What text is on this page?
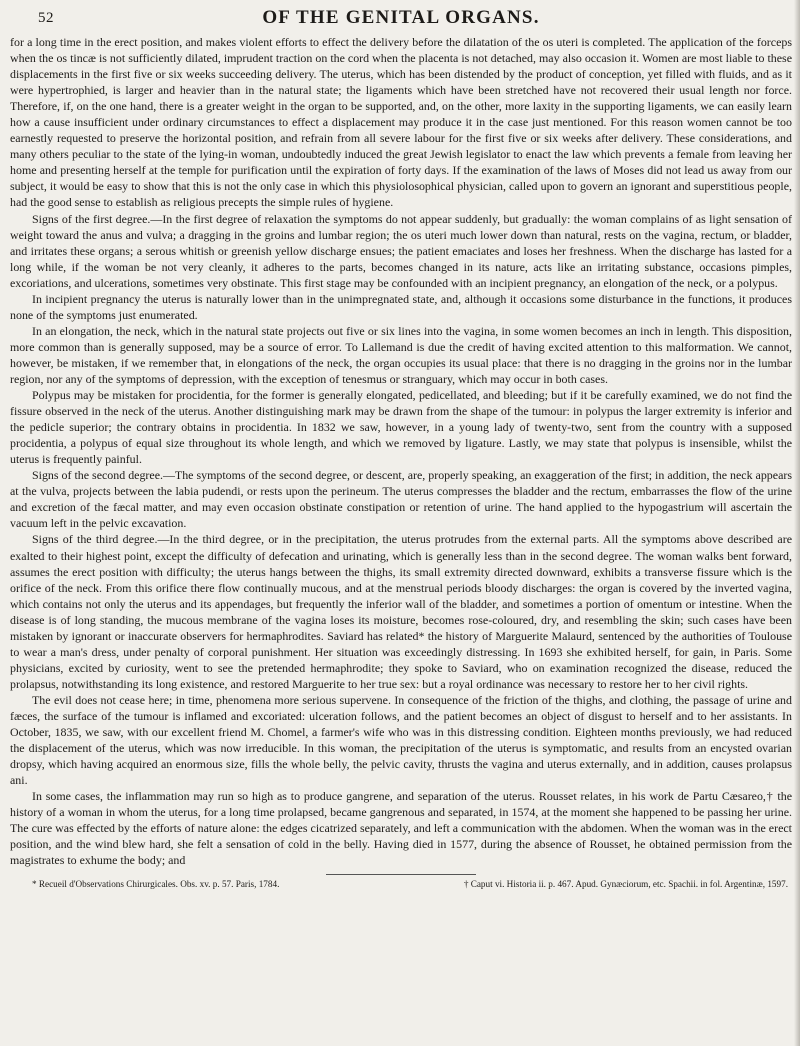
52	OF THE GENITAL ORGANS.

for a long time in the erect position, and makes violent efforts to effect the delivery before the dilatation of the os uteri is completed. The application of the forceps when the os tincæ is not sufficiently dilated, imprudent traction on the cord when the placenta is not detached, may also occasion it. Women are most liable to these displacements in the first five or six weeks succeeding delivery. The uterus, which has been distended by the product of conception, yet filled with fluids, and as it were hypertrophied, is larger and heavier than in the natural state; the ligaments which have been stretched have not recovered their usual length nor force. Therefore, if, on the one hand, there is a greater weight in the organ to be supported, and, on the other, more laxity in the supporting ligaments, we can easily learn how a cause insufficient under ordinary circumstances to effect a displacement may produce it in the case just mentioned. For this reason women cannot be too earnestly requested to preserve the horizontal position, and refrain from all severe labour for the first five or six weeks after delivery. These considerations, and many others peculiar to the state of the lying-in woman, undoubtedly induced the great Jewish legislator to enact the law which prevents a female from leaving her home and presenting herself at the temple for purification until the expiration of forty days. If the examination of the laws of Moses did not lead us away from our subject, it would be easy to show that this is not the only case in which this physiolosophical physician, called upon to govern an ignorant and superstitious people, had the good sense to establish as religious precepts the simple rules of hygiene.

Signs of the first degree.—In the first degree of relaxation the symptoms do not appear suddenly, but gradually: the woman complains of as light sensation of weight toward the anus and vulva; a dragging in the groins and lumbar region; the os uteri much lower down than natural, rests on the vagina, rectum, or bladder, and irritates these organs; a serous whitish or greenish yellow discharge ensues; the patient emaciates and loses her freshness. When the discharge has lasted for a long while, if the woman be not very cleanly, it adheres to the parts, becomes changed in its nature, acts like an irritating substance, occasions pimples, excoriations, and ulcerations, sometimes very obstinate. This first stage may be confounded with an incipient pregnancy, an elongation of the neck, or a polypus.

In incipient pregnancy the uterus is naturally lower than in the unimpregnated state, and, although it occasions some disturbance in the functions, it produces none of the symptoms just enumerated.

In an elongation, the neck, which in the natural state projects out five or six lines into the vagina, in some women becomes an inch in length. This disposition, more common than is generally supposed, may be a source of error. To Lallemand is due the credit of having excited attention to this malformation. We cannot, however, be mistaken, if we remember that, in elongations of the neck, the organ occupies its usual place: that there is no dragging in the groins nor in the lumbar region, nor any of the symptoms of depression, with the exception of tenesmus or stranguary, which may occur in both cases.

Polypus may be mistaken for procidentia, for the former is generally elongated, pedicellated, and bleeding; but if it be carefully examined, we do not find the fissure observed in the neck of the uterus. Another distinguishing mark may be drawn from the shape of the tumour: in polypus the larger extremity is inferior and the pedicle superior; the contrary obtains in procidentia. In 1832 we saw, however, in a young lady of twenty-two, sent from the country with a supposed procidentia, a polypus of equal size throughout its whole length, and which we removed by ligature. Lastly, we may state that polypus is insensible, whilst the uterus is frequently painful.

Signs of the second degree.—The symptoms of the second degree, or descent, are, properly speaking, an exaggeration of the first; in addition, the neck appears at the vulva, projects between the labia pudendi, or rests upon the perineum. The uterus compresses the bladder and the rectum, embarrasses the flow of the urine and excretion of the fæcal matter, and may even occasion obstinate constipation or retention of urine. The hand applied to the hypogastrium will ascertain the vacuum left in the pelvic excavation.

Signs of the third degree.—In the third degree, or in the precipitation, the uterus protrudes from the external parts. All the symptoms above described are exalted to their highest point, except the difficulty of defecation and urinating, which is generally less than in the second degree. The woman walks bent forward, assumes the erect position with difficulty; the uterus hangs between the thighs, its small extremity directed downward, exhibits a transverse fissure which is the orifice of the neck. From this orifice there flow continually mucous, and at the menstrual periods bloody discharges: the organ is covered by the inverted vagina, which contains not only the uterus and its appendages, but frequently the inferior wall of the bladder, and sometimes a portion of omentum or intestine. When the disease is of long standing, the mucous membrane of the vagina loses its moisture, becomes rose-coloured, dry, and resembling the skin; such cases have been mistaken by ignorant or inaccurate observers for hermaphrodites. Saviard has related* the history of Marguerite Malaurd, sentenced by the authorities of Toulouse to wear a man's dress, under penalty of corporal punishment. Her situation was exceedingly distressing. In 1693 she exhibited herself, for gain, in Paris. Some physicians, excited by curiosity, went to see the pretended hermaphrodite; they spoke to Saviard, who on examination recognized the disease, reduced the prolapsus, notwithstanding its long existence, and restored Marguerite to her true sex: but a royal ordinance was necessary to restore her to her civil rights.

The evil does not cease here; in time, phenomena more serious supervene. In consequence of the friction of the thighs, and clothing, the passage of urine and fæces, the surface of the tumour is inflamed and excoriated: ulceration follows, and the patient becomes an object of disgust to herself and to her assistants. In October, 1835, we saw, with our excellent friend M. Chomel, a farmer's wife who was in this distressing condition. Eighteen months previously, we had reduced the displacement of the uterus, which was now irreducible. In this woman, the precipitation of the uterus is symptomatic, and results from an encysted ovarian dropsy, which having acquired an enormous size, fills the whole belly, the pelvic cavity, thrusts the vagina and uterus externally, and in addition, causes prolapsus ani.

In some cases, the inflammation may run so high as to produce gangrene, and separation of the uterus. Rousset relates, in his work de Partu Cæsareo,† the history of a woman in whom the uterus, for a long time prolapsed, became gangrenous and separated, in 1574, at the moment she happened to be passing her urine. The cure was effected by the efforts of nature alone: the edges cicatrized separately, and left a communication with the abdomen. When the woman was in the erect position, and the wind blew hard, she felt a sensation of cold in the belly. Having died in 1577, during the absence of Rousset, he obtained permission from the magistrates to exhume the body; and

* Recueil d'Observations Chirurgicales. Obs. xv. p. 57. Paris, 1784.	† Caput vi. Historia ii. p. 467. Apud. Gynæciorum, etc. Spachii. in fol. Argentinæ, 1597.
